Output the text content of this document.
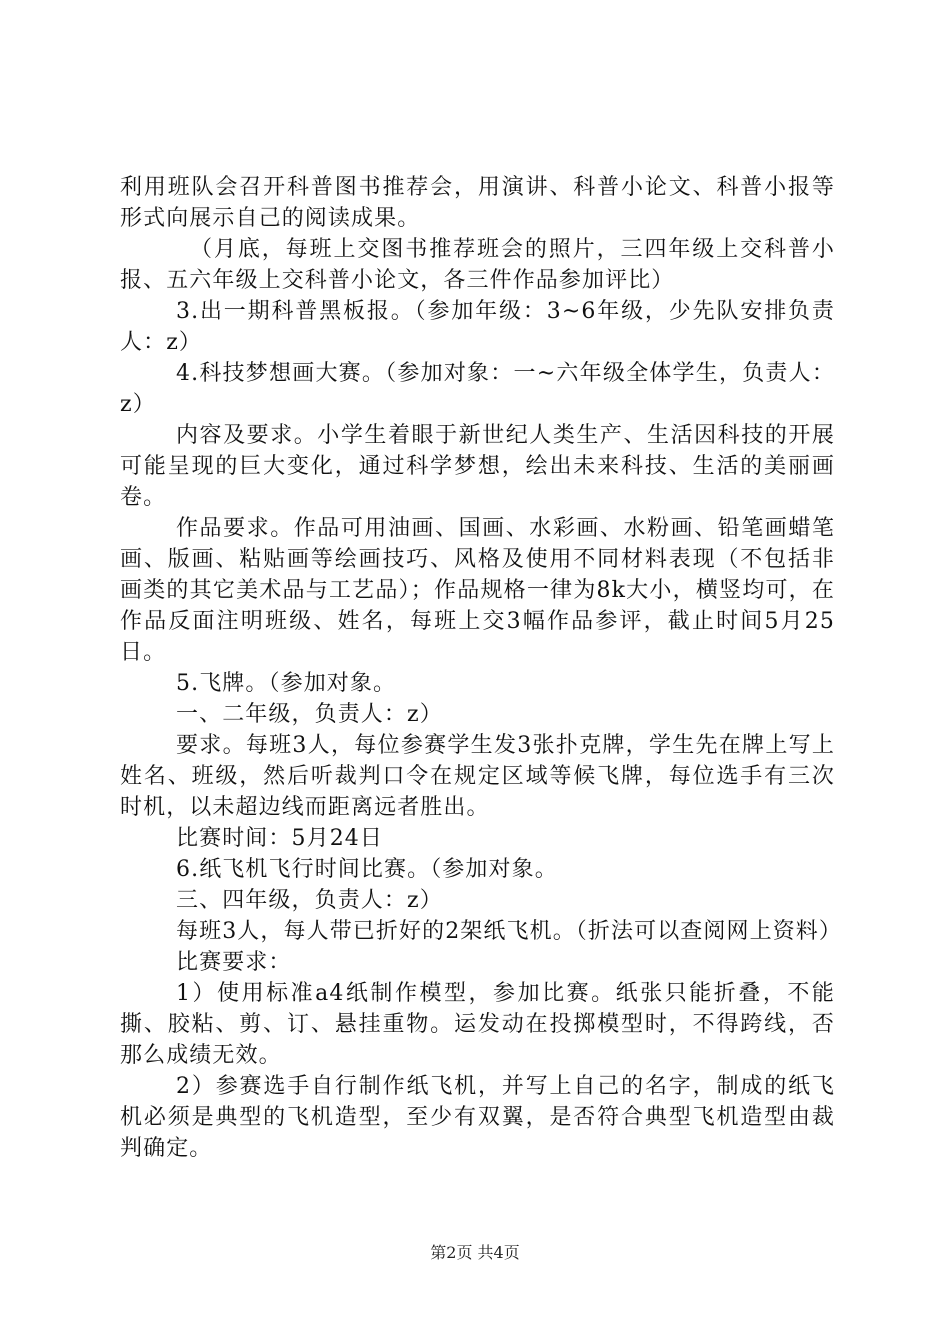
利用班队会召开科普图书推荐会，用演讲、科普小论文、科普小报等形式向展示自己的阅读成果。

（月底，每班上交图书推荐班会的照片，三四年级上交科普小报、五六年级上交科普小论文，各三件作品参加评比）

3.出一期科普黑板报。（参加年级：3~6年级，少先队安排负责人：z）

4.科技梦想画大赛。（参加对象：一~六年级全体学生，负责人：z）

内容及要求。小学生着眼于新世纪人类生产、生活因科技的开展可能呈现的巨大变化，通过科学梦想，绘出未来科技、生活的美丽画卷。

作品要求。作品可用油画、国画、水彩画、水粉画、铅笔画蜡笔画、版画、粘贴画等绘画技巧、风格及使用不同材料表现（不包括非画类的其它美术品与工艺品）；作品规格一律为8k大小，横竖均可，在作品反面注明班级、姓名，每班上交3幅作品参评，截止时间5月25日。

5.飞牌。（参加对象。

一、二年级，负责人：z）

要求。每班3人，每位参赛学生发3张扑克牌，学生先在牌上写上姓名、班级，然后听裁判口令在规定区域等候飞牌，每位选手有三次时机，以未超边线而距离远者胜出。

比赛时间：5月24日

6.纸飞机飞行时间比赛。（参加对象。

三、四年级，负责人：z）

每班3人，每人带已折好的2架纸飞机。（折法可以查阅网上资料）

比赛要求：

1）使用标准a4纸制作模型，参加比赛。纸张只能折叠，不能撕、胶粘、剪、订、悬挂重物。运发动在投掷模型时，不得跨线，否那么成绩无效。

2）参赛选手自行制作纸飞机，并写上自己的名字，制成的纸飞机必须是典型的飞机造型，至少有双翼，是否符合典型飞机造型由裁判确定。

第2页 共4页
